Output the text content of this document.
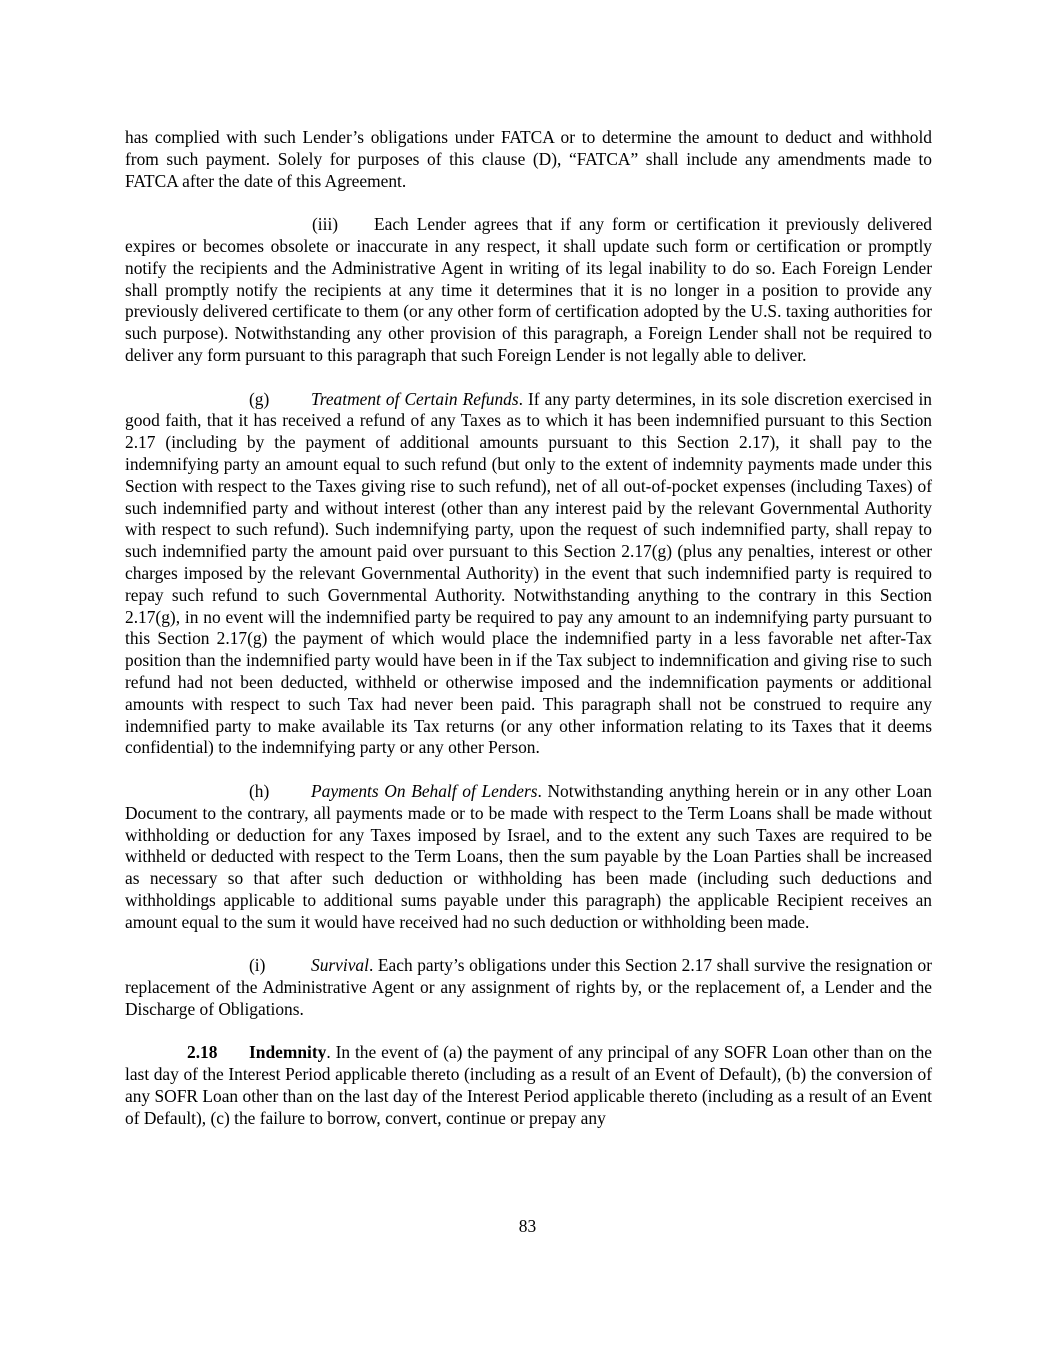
has complied with such Lender’s obligations under FATCA or to determine the amount to deduct and withhold from such payment. Solely for purposes of this clause (D), “FATCA” shall include any amendments made to FATCA after the date of this Agreement.

(iii) Each Lender agrees that if any form or certification it previously delivered expires or becomes obsolete or inaccurate in any respect, it shall update such form or certification or promptly notify the recipients and the Administrative Agent in writing of its legal inability to do so. Each Foreign Lender shall promptly notify the recipients at any time it determines that it is no longer in a position to provide any previously delivered certificate to them (or any other form of certification adopted by the U.S. taxing authorities for such purpose). Notwithstanding any other provision of this paragraph, a Foreign Lender shall not be required to deliver any form pursuant to this paragraph that such Foreign Lender is not legally able to deliver.

(g) Treatment of Certain Refunds. If any party determines, in its sole discretion exercised in good faith, that it has received a refund of any Taxes as to which it has been indemnified pursuant to this Section 2.17 (including by the payment of additional amounts pursuant to this Section 2.17), it shall pay to the indemnifying party an amount equal to such refund (but only to the extent of indemnity payments made under this Section with respect to the Taxes giving rise to such refund), net of all out-of-pocket expenses (including Taxes) of such indemnified party and without interest (other than any interest paid by the relevant Governmental Authority with respect to such refund). Such indemnifying party, upon the request of such indemnified party, shall repay to such indemnified party the amount paid over pursuant to this Section 2.17(g) (plus any penalties, interest or other charges imposed by the relevant Governmental Authority) in the event that such indemnified party is required to repay such refund to such Governmental Authority. Notwithstanding anything to the contrary in this Section 2.17(g), in no event will the indemnified party be required to pay any amount to an indemnifying party pursuant to this Section 2.17(g) the payment of which would place the indemnified party in a less favorable net after-Tax position than the indemnified party would have been in if the Tax subject to indemnification and giving rise to such refund had not been deducted, withheld or otherwise imposed and the indemnification payments or additional amounts with respect to such Tax had never been paid. This paragraph shall not be construed to require any indemnified party to make available its Tax returns (or any other information relating to its Taxes that it deems confidential) to the indemnifying party or any other Person.

(h) Payments On Behalf of Lenders. Notwithstanding anything herein or in any other Loan Document to the contrary, all payments made or to be made with respect to the Term Loans shall be made without withholding or deduction for any Taxes imposed by Israel, and to the extent any such Taxes are required to be withheld or deducted with respect to the Term Loans, then the sum payable by the Loan Parties shall be increased as necessary so that after such deduction or withholding has been made (including such deductions and withholdings applicable to additional sums payable under this paragraph) the applicable Recipient receives an amount equal to the sum it would have received had no such deduction or withholding been made.

(i)	Survival. Each party’s obligations under this Section 2.17 shall survive the resignation or replacement of the Administrative Agent or any assignment of rights by, or the replacement of, a Lender and the Discharge of Obligations.

2.18 Indemnity. In the event of (a) the payment of any principal of any SOFR Loan other than on the last day of the Interest Period applicable thereto (including as a result of an Event of Default), (b) the conversion of any SOFR Loan other than on the last day of the Interest Period applicable thereto (including as a result of an Event of Default), (c) the failure to borrow, convert, continue or prepay any

83
